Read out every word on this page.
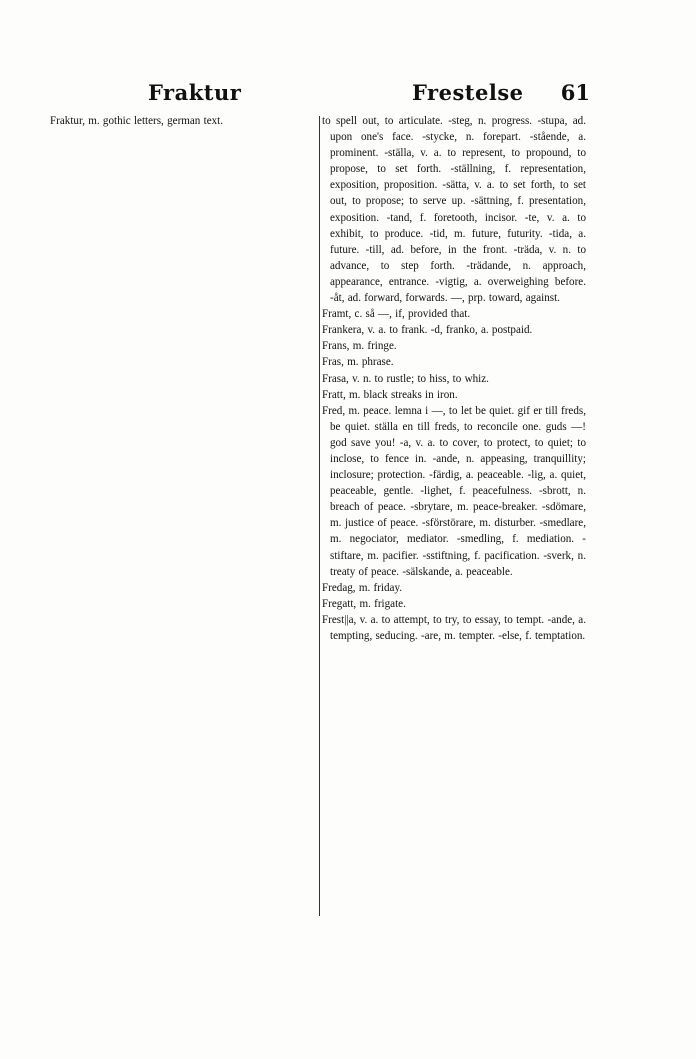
Fraktur	Frestelse 61

Fraktur, m. gothic letters, german text.	to spell out, to articulate. -steg, n. progress. -stupa, ad. upon one's face. -stycke, n. forepart. -stående, a. prominent. -ställa, v. a. to represent, to propound, to propose, to set forth. -ställning, f. representation, exposition, proposition. -sätta, v. a. to set forth, to set out, to propose; to serve up. -sättning, f. presentation, exposition. -tand, f. foretooth, incisor. -te, v. a. to exhibit, to produce. -tid, m. future, futurity. -tida, a. future. -till, ad. before, in the front. -träda, v. n. to advance, to step forth. -trädande, n. approach, appearance, entrance. -vigtig, a. overweighing before. -åt, ad. forward, forwards. —, prp. toward, against.

Framt, c. så —, if, provided that.

Frankera, v. a. to frank. -d, franko, a. postpaid.

Frans, m. fringe.

Fras, m. phrase.

Frasa, v. n. to rustle; to hiss, to whiz.

Fratt, m. black streaks in iron.

Fred, m. peace. lemna i —, to let be quiet. gif er till freds, be quiet. ställa en till freds, to reconcile one. guds —! god save you! -a, v. a. to cover, to protect, to quiet; to inclose, to fence in. -ande, n. appeasing, tranquillity; inclosure; protection. -färdig, a. peaceable. -lig, a. quiet, peaceable, gentle. -lighet, f. peacefulness. -sbrott, n. breach of peace. -sbrytare, m. peace-breaker. -sdömare, m. justice of peace. -sförstörare, m. disturber. -smedlare, m. negociator, mediator. -smedling, f. mediation. -stiftare, m. pacifier. -sstiftning, f. pacification. -sverk, n. treaty of peace. -sälskande, a. peaceable.

Fredag, m. friday.

Fregatt, m. frigate.

Frest||a, v. a. to attempt, to try, to essay, to tempt. -ande, a. tempting, seducing. -are, m. tempter. -else, f. temptation.
